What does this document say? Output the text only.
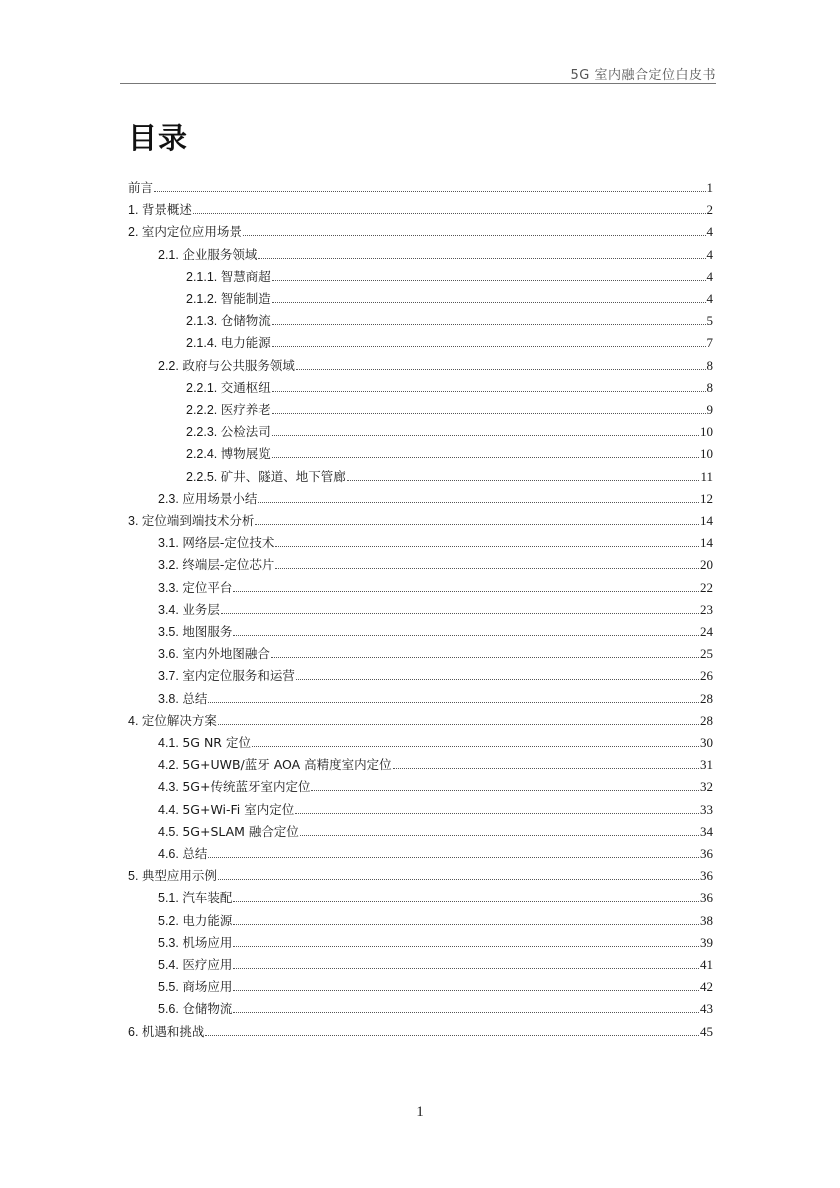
5G 室内融合定位白皮书
目录
前言	1
1. 背景概述	2
2. 室内定位应用场景	4
2.1. 企业服务领域	4
2.1.1. 智慧商超	4
2.1.2. 智能制造	4
2.1.3. 仓储物流	5
2.1.4. 电力能源	7
2.2. 政府与公共服务领域	8
2.2.1. 交通枢纽	8
2.2.2. 医疗养老	9
2.2.3. 公检法司	10
2.2.4. 博物展览	10
2.2.5. 矿井、隧道、地下管廊	11
2.3. 应用场景小结	12
3. 定位端到端技术分析	14
3.1. 网络层-定位技术	14
3.2. 终端层-定位芯片	20
3.3. 定位平台	22
3.4. 业务层	23
3.5. 地图服务	24
3.6. 室内外地图融合	25
3.7. 室内定位服务和运营	26
3.8. 总结	28
4. 定位解决方案	28
4.1. 5G NR 定位	30
4.2. 5G+UWB/蓝牙 AOA 高精度室内定位	31
4.3. 5G+传统蓝牙室内定位	32
4.4. 5G+Wi-Fi 室内定位	33
4.5. 5G+SLAM 融合定位	34
4.6. 总结	36
5. 典型应用示例	36
5.1. 汽车装配	36
5.2. 电力能源	38
5.3. 机场应用	39
5.4. 医疗应用	41
5.5. 商场应用	42
5.6. 仓储物流	43
6. 机遇和挑战	45
1
